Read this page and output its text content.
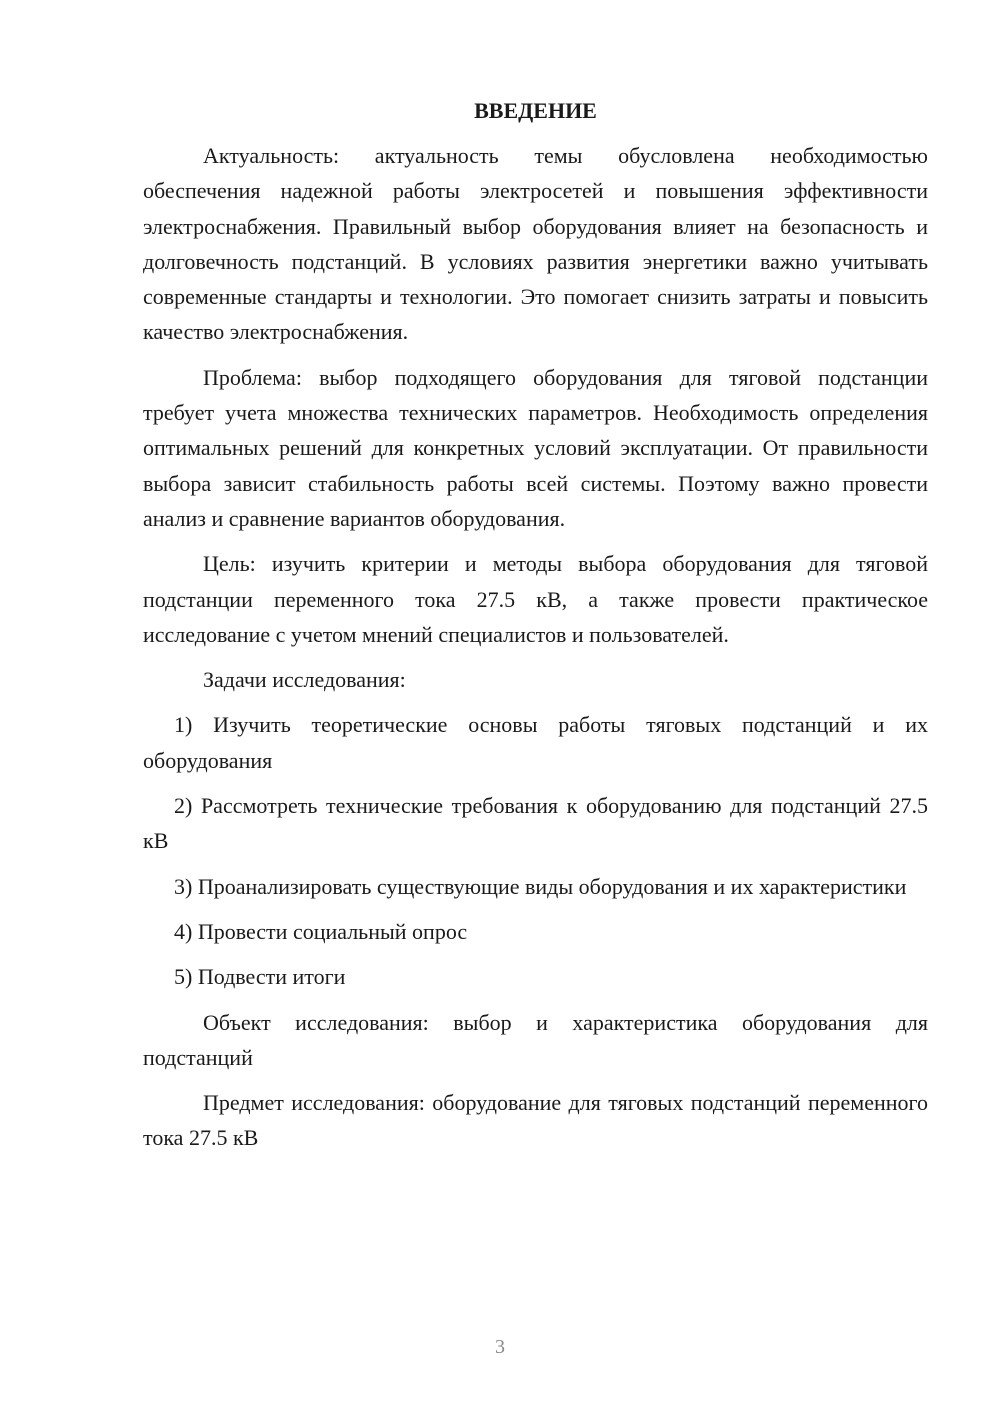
ВВЕДЕНИЕ

Актуальность: актуальность темы обусловлена необходимостью обеспечения надежной работы электросетей и повышения эффективности электроснабжения. Правильный выбор оборудования влияет на безопасность и долговечность подстанций. В условиях развития энергетики важно учитывать современные стандарты и технологии. Это помогает снизить затраты и повысить качество электроснабжения.

Проблема: выбор подходящего оборудования для тяговой подстанции требует учета множества технических параметров. Необходимость определения оптимальных решений для конкретных условий эксплуатации. От правильности выбора зависит стабильность работы всей системы. Поэтому важно провести анализ и сравнение вариантов оборудования.

Цель: изучить критерии и методы выбора оборудования для тяговой подстанции переменного тока 27.5 кВ, а также провести практическое исследование с учетом мнений специалистов и пользователей.

Задачи исследования:

1) Изучить теоретические основы работы тяговых подстанций и их оборудования

2) Рассмотреть технические требования к оборудованию для подстанций 27.5 кВ

3) Проанализировать существующие виды оборудования и их характеристики

4) Провести социальный опрос

5) Подвести итоги

Объект исследования: выбор и характеристика оборудования для подстанций

Предмет исследования: оборудование для тяговых подстанций переменного тока 27.5 кВ

3
